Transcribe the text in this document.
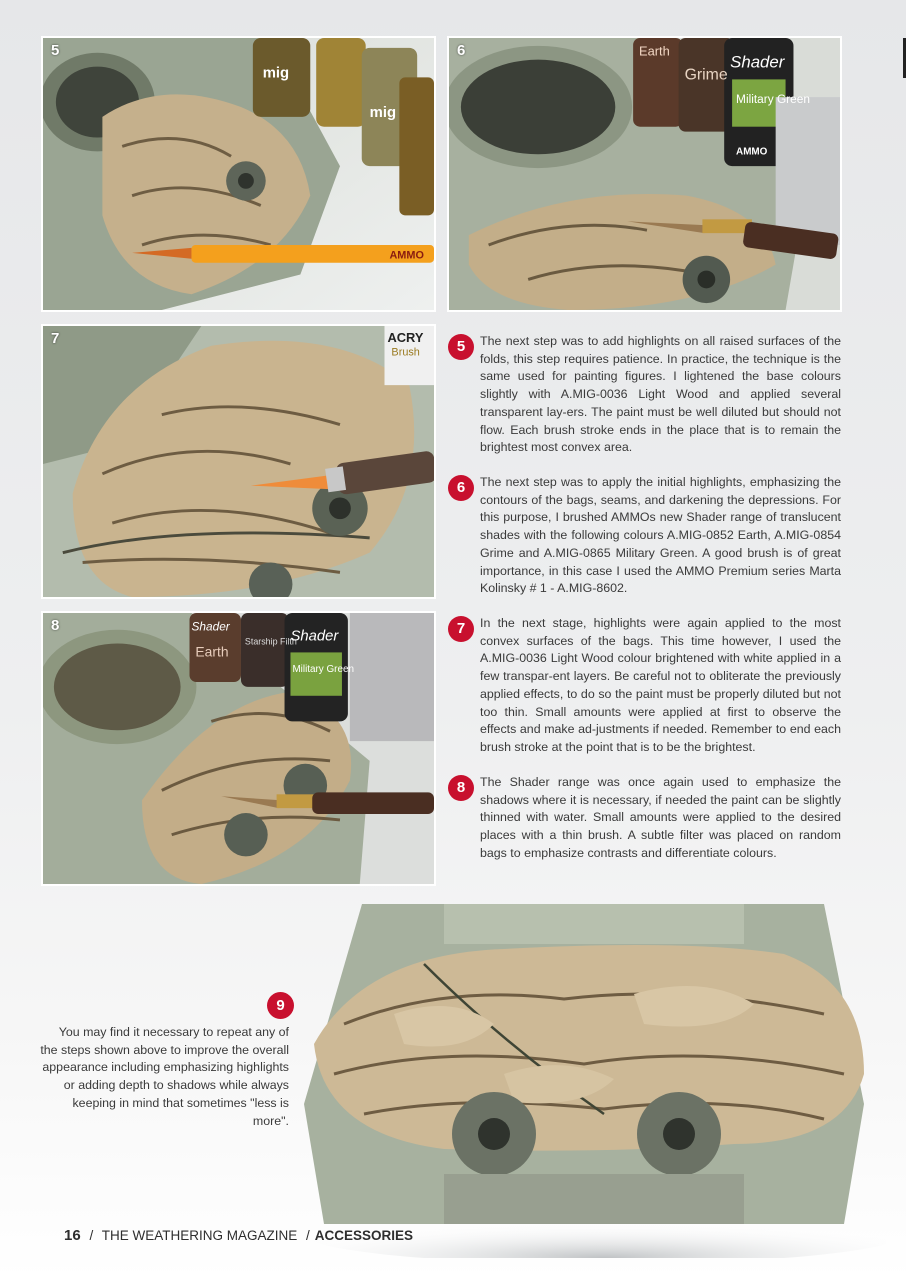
mig
mig
AMMO
5	Earth
Grime
Shader
Military Green
AMMO
6
ACRY
Brush
7
Shader
Earth
Starship Filth
Shader
Military Green
8
5	The next step was to add highlights on all raised surfaces of the folds, this step requires patience. In practice, the technique is the same used for painting figures. I lightened the base colours slightly with A.MIG-0036 Light Wood and applied several transparent lay-ers. The paint must be well diluted but should not flow. Each brush stroke ends in the place that is to remain the brightest most convex area.

6	The next step was to apply the initial highlights, emphasizing the contours of the bags, seams, and darkening the depressions. For this purpose, I brushed AMMOs new Shader range of translucent shades with the following colours A.MIG-0852 Earth, A.MIG-0854 Grime and A.MIG-0865 Military Green. A good brush is of great importance, in this case I used the AMMO Premium series Marta Kolinsky # 1 - A.MIG-8602.

7	In the next stage, highlights were again applied to the most convex surfaces of the bags. This time however, I used the A.MIG-0036 Light Wood colour brightened with white applied in a few transpar-ent layers. Be careful not to obliterate the previously applied effects, to do so the paint must be properly diluted but not too thin. Small amounts were applied at first to observe the effects and make ad-justments if needed. Remember to end each brush stroke at the point that is to be the brightest.

8	The Shader range was once again used to emphasize the shadows where it is necessary, if needed the paint can be slightly thinned with water. Small amounts were applied to the desired places with a thin brush. A subtle filter was placed on random bags to emphasize contrasts and differentiate colours.

9

You may find it necessary to repeat any of the steps shown above to improve the overall appearance including emphasizing highlights or adding depth to shadows while always keeping in mind that sometimes "less is more".

16 / THE WEATHERING MAGAZINE / ACCESSORIES
